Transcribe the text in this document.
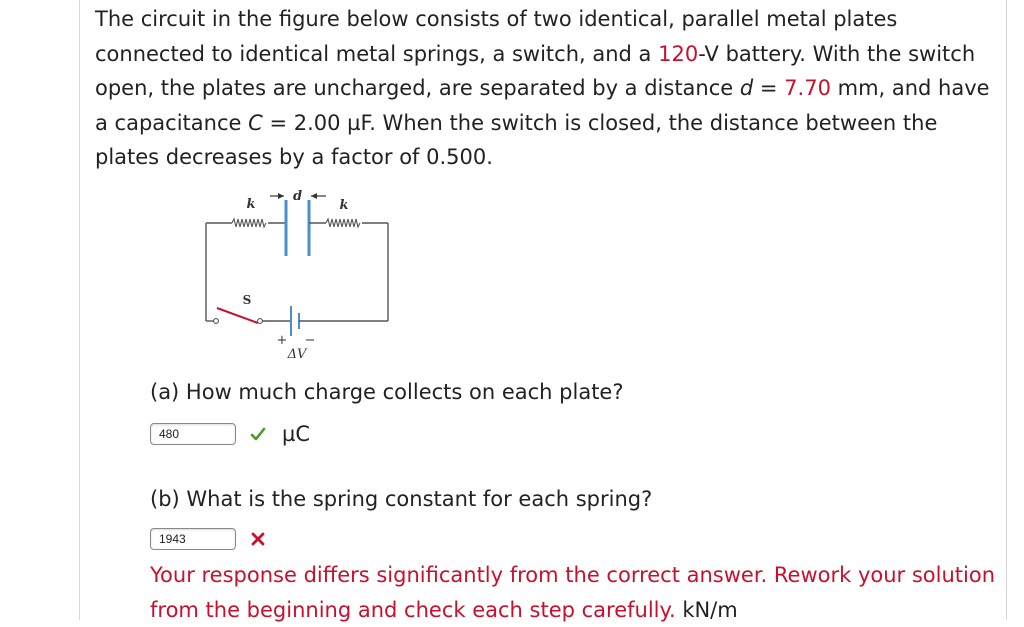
The circuit in the figure below consists of two identical, parallel metal plates connected to identical metal springs, a switch, and a 120-V battery. With the switch open, the plates are uncharged, are separated by a distance d = 7.70 mm, and have a capacitance C = 2.00 µF. When the switch is closed, the distance between the plates decreases by a factor of 0.500.
d
k	k
S
+ −
ΔV
(a) How much charge collects on each plate?
480	µC
(b) What is the spring constant for each spring?
1943
Your response differs significantly from the correct answer. Rework your solution from the beginning and check each step carefully. kN/m
